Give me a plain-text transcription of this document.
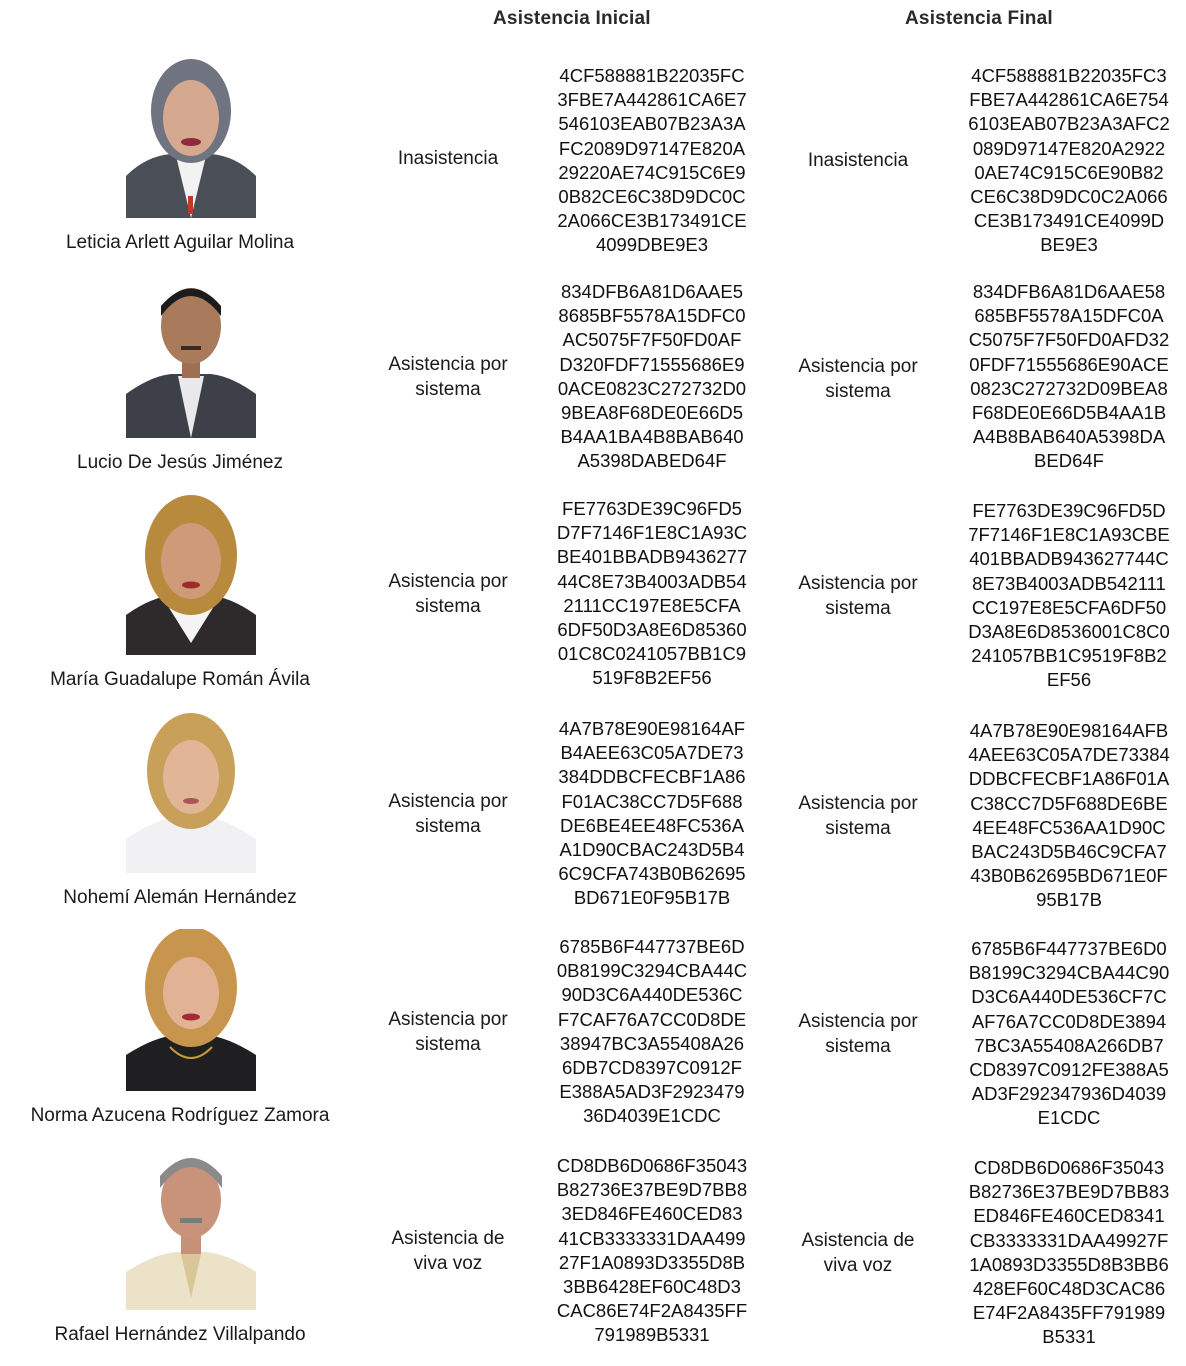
Asistencia Inicial	Asistencia Final
Leticia Arlett Aguilar Molina
Inasistencia
4CF588881B22035FC
3FBE7A442861CA6E7
546103EAB07B23A3A
FC2089D97147E820A
29220AE74C915C6E9
0B82CE6C38D9DC0C
2A066CE3B173491CE
4099DBE9E3
Inasistencia
4CF588881B22035FC3
FBE7A442861CA6E754
6103EAB07B23A3AFC2
089D97147E820A2922
0AE74C915C6E90B82
CE6C38D9DC0C2A066
CE3B173491CE4099D
BE9E3
Lucio De Jesús Jiménez
Asistencia por
sistema
834DFB6A81D6AAE5
8685BF5578A15DFC0
AC5075F7F50FD0AF
D320FDF71555686E9
0ACE0823C272732D0
9BEA8F68DE0E66D5
B4AA1BA4B8BAB640
A5398DABED64F
Asistencia por
sistema
834DFB6A81D6AAE58
685BF5578A15DFC0A
C5075F7F50FD0AFD32
0FDF71555686E90ACE
0823C272732D09BEA8
F68DE0E66D5B4AA1B
A4B8BAB640A5398DA
BED64F
María Guadalupe Román Ávila
Asistencia por
sistema
FE7763DE39C96FD5
D7F7146F1E8C1A93C
BE401BBADB9436277
44C8E73B4003ADB54
2111CC197E8E5CFA
6DF50D3A8E6D85360
01C8C0241057BB1C9
519F8B2EF56
Asistencia por
sistema
FE7763DE39C96FD5D
7F7146F1E8C1A93CBE
401BBADB943627744C
8E73B4003ADB542111
CC197E8E5CFA6DF50
D3A8E6D8536001C8C0
241057BB1C9519F8B2
EF56
Nohemí Alemán Hernández
Asistencia por
sistema
4A7B78E90E98164AF
B4AEE63C05A7DE73
384DDBCFECBF1A86
F01AC38CC7D5F688
DE6BE4EE48FC536A
A1D90CBAC243D5B4
6C9CFA743B0B62695
BD671E0F95B17B
Asistencia por
sistema
4A7B78E90E98164AFB
4AEE63C05A7DE73384
DDBCFECBF1A86F01A
C38CC7D5F688DE6BE
4EE48FC536AA1D90C
BAC243D5B46C9CFA7
43B0B62695BD671E0F
95B17B
Norma Azucena Rodríguez Zamora
Asistencia por
sistema
6785B6F447737BE6D
0B8199C3294CBA44C
90D3C6A440DE536C
F7CAF76A7CC0D8DE
38947BC3A55408A26
6DB7CD8397C0912F
E388A5AD3F2923479
36D4039E1CDC
Asistencia por
sistema
6785B6F447737BE6D0
B8199C3294CBA44C90
D3C6A440DE536CF7C
AF76A7CC0D8DE3894
7BC3A55408A266DB7
CD8397C0912FE388A5
AD3F292347936D4039
E1CDC
Rafael Hernández Villalpando
Asistencia de
viva voz
CD8DB6D0686F35043
B82736E37BE9D7BB8
3ED846FE460CED83
41CB3333331DAA499
27F1A0893D3355D8B
3BB6428EF60C48D3
CAC86E74F2A8435FF
791989B5331
Asistencia de
viva voz
CD8DB6D0686F35043
B82736E37BE9D7BB83
ED846FE460CED8341
CB3333331DAA49927F
1A0893D3355D8B3BB6
428EF60C48D3CAC86
E74F2A8435FF791989
B5331
